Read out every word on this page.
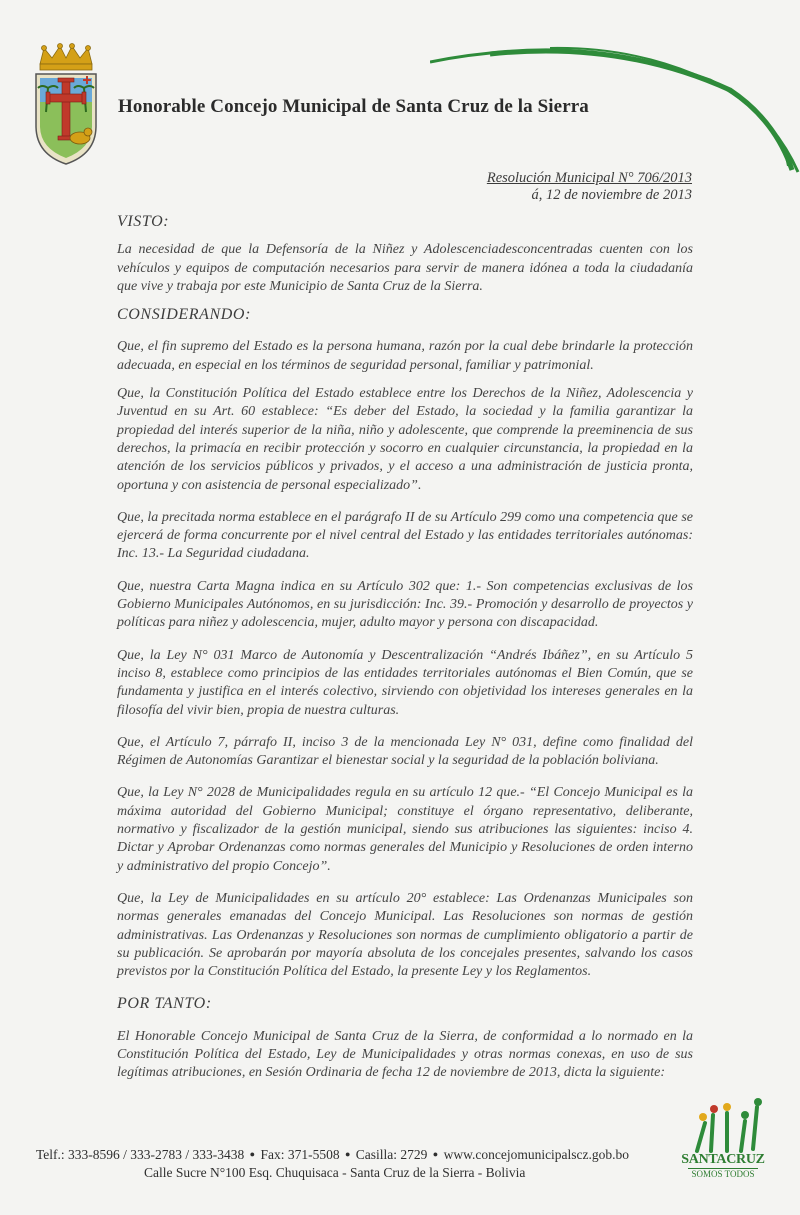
Honorable Concejo Municipal de Santa Cruz de la Sierra
Resolución Municipal N° 706/2013
á, 12 de noviembre de 2013

VISTO:

La necesidad de que la Defensoría de la Niñez y Adolescenciadesconcentradas cuenten con los vehículos y equipos de computación necesarios para servir de manera idónea a toda la ciudadanía que vive y trabaja por este Municipio de Santa Cruz de la Sierra.

CONSIDERANDO:

Que, el fin supremo del Estado es la persona humana, razón por la cual debe brindarle la protección adecuada, en especial en los términos de seguridad personal, familiar y patrimonial.

Que, la Constitución Política del Estado establece entre los Derechos de la Niñez, Adolescencia y Juventud en su Art. 60 establece: “Es deber del Estado, la sociedad y la familia garantizar la propiedad del interés superior de la niña, niño y adolescente, que comprende la preeminencia de sus derechos, la primacía en recibir protección y socorro en cualquier circunstancia, la propiedad en la atención de los servicios públicos y privados, y el acceso a una administración de justicia pronta, oportuna y con asistencia de personal especializado”.

Que, la precitada norma establece en el parágrafo II de su Artículo 299 como una competencia que se ejercerá de forma concurrente por el nivel central del Estado y las entidades territoriales autónomas: Inc. 13.- La Seguridad ciudadana.

Que, nuestra Carta Magna indica en su Artículo 302 que: 1.- Son competencias exclusivas de los Gobierno Municipales Autónomos, en su jurisdicción: Inc. 39.- Promoción y desarrollo de proyectos y políticas para niñez y adolescencia, mujer, adulto mayor y persona con discapacidad.

Que, la Ley N° 031 Marco de Autonomía y Descentralización “Andrés Ibáñez”, en su Artículo 5 inciso 8, establece como principios de las entidades territoriales autónomas el Bien Común, que se fundamenta y justifica en el interés colectivo, sirviendo con objetividad los intereses generales en la filosofía del vivir bien, propia de nuestra culturas.

Que, el Artículo 7, párrafo II, inciso 3 de la mencionada Ley N° 031, define como finalidad del Régimen de Autonomías Garantizar el bienestar social y la seguridad de la población boliviana.

Que, la Ley N° 2028 de Municipalidades regula en su artículo 12 que.- “El Concejo Municipal es la máxima autoridad del Gobierno Municipal; constituye el órgano representativo, deliberante, normativo y fiscalizador de la gestión municipal, siendo sus atribuciones las siguientes: inciso 4. Dictar y Aprobar Ordenanzas como normas generales del Municipio y Resoluciones de orden interno y administrativo del propio Concejo”.

Que, la Ley de Municipalidades en su artículo 20° establece: Las Ordenanzas Municipales son normas generales emanadas del Concejo Municipal. Las Resoluciones son normas de gestión administrativas. Las Ordenanzas y Resoluciones son normas de cumplimiento obligatorio a partir de su publicación. Se aprobarán por mayoría absoluta de los concejales presentes, salvando los casos previstos por la Constitución Política del Estado, la presente Ley y los Reglamentos.

POR TANTO:

El Honorable Concejo Municipal de Santa Cruz de la Sierra, de conformidad a lo normado en la Constitución Política del Estado, Ley de Municipalidades y otras normas conexas, en uso de sus legítimas atribuciones, en Sesión Ordinaria de fecha 12 de noviembre de 2013, dicta la siguiente:

Telf.: 333-8596 / 333-2783 / 333-3438 ● Fax: 371-5508 ● Casilla: 2729 ● www.concejomunicipalscz.gob.bo
Calle Sucre N°100 Esq. Chuquisaca - Santa Cruz de la Sierra - Bolivia
SANTACRUZ
SOMOS TODOS
